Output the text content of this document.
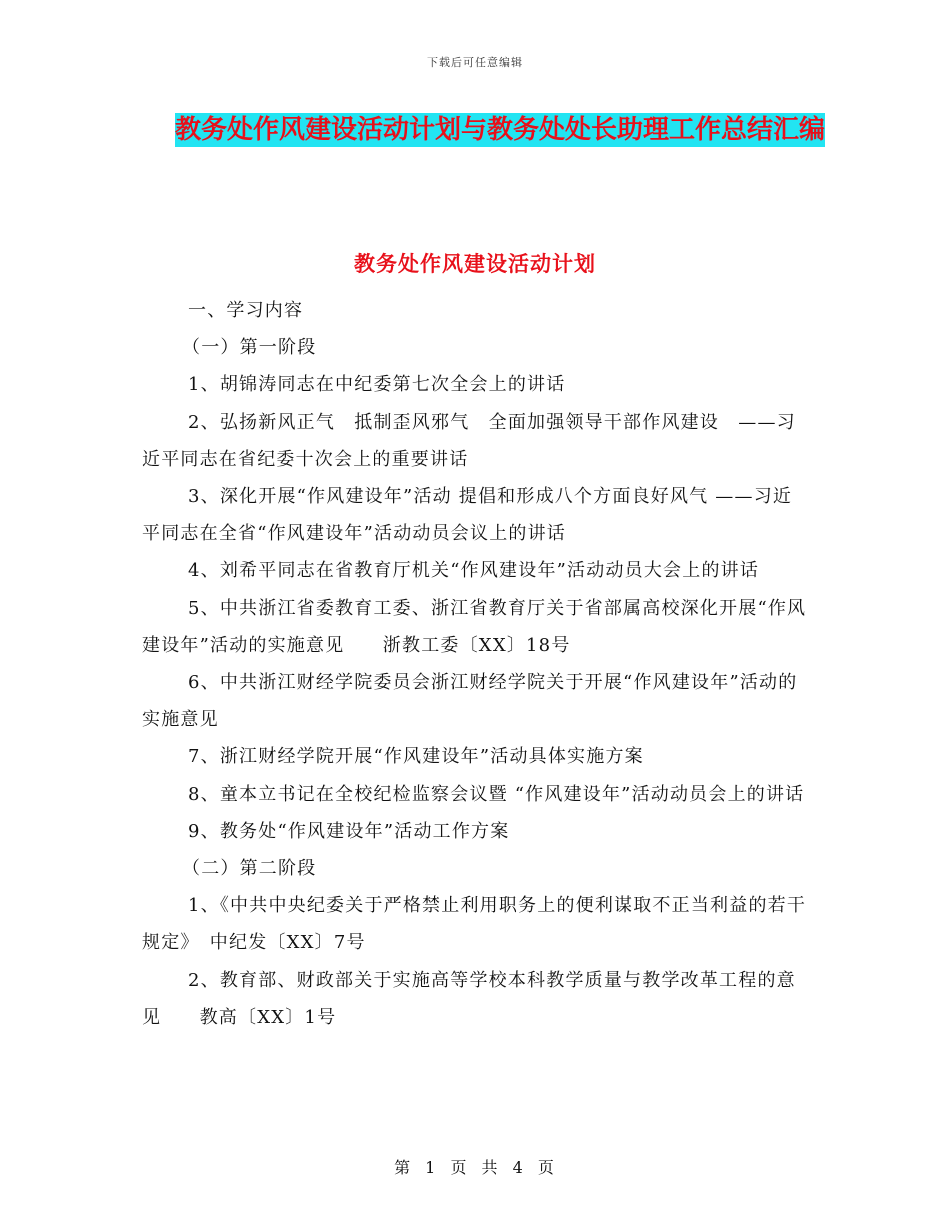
下载后可任意编辑
教务处作风建设活动计划与教务处处长助理工作总结汇编
教务处作风建设活动计划

一、学习内容

（一）第一阶段

1、胡锦涛同志在中纪委第七次全会上的讲话

2、弘扬新风正气　抵制歪风邪气　全面加强领导干部作风建设　——习近平同志在省纪委十次会上的重要讲话

3、深化开展“作风建设年”活动 提倡和形成八个方面良好风气 ——习近平同志在全省“作风建设年”活动动员会议上的讲话

4、刘希平同志在省教育厅机关“作风建设年”活动动员大会上的讲话

5、中共浙江省委教育工委、浙江省教育厅关于省部属高校深化开展“作风建设年”活动的实施意见　　浙教工委〔XX〕18号

6、中共浙江财经学院委员会浙江财经学院关于开展“作风建设年”活动的实施意见

7、浙江财经学院开展“作风建设年”活动具体实施方案

8、童本立书记在全校纪检监察会议暨 “作风建设年”活动动员会上的讲话

9、教务处“作风建设年”活动工作方案

（二）第二阶段

1、《中共中央纪委关于严格禁止利用职务上的便利谋取不正当利益的若干规定》　中纪发〔XX〕7号

2、教育部、财政部关于实施高等学校本科教学质量与教学改革工程的意见　　教高〔XX〕1号

第 1 页 共 4 页
